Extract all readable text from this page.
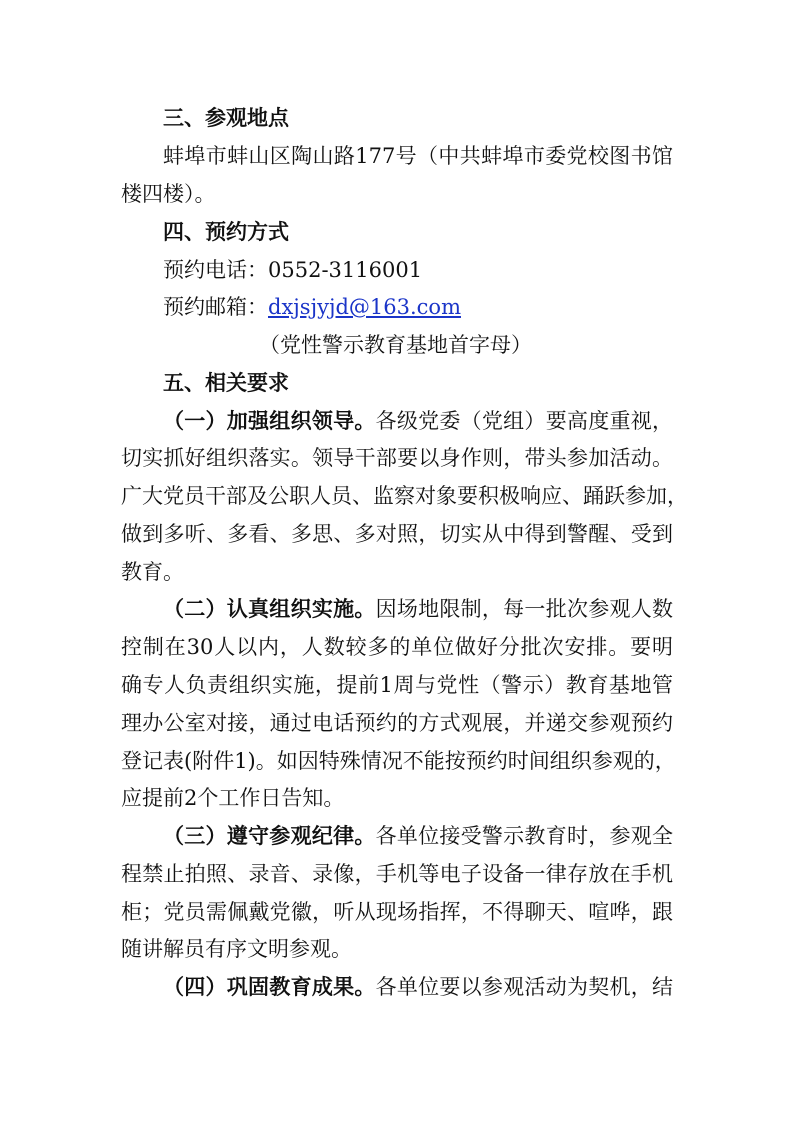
三、参观地点
蚌埠市蚌山区陶山路177号（中共蚌埠市委党校图书馆
楼四楼）。
四、预约方式
预约电话：0552-3116001
预约邮箱：dxjsjyjd@163.com
（党性警示教育基地首字母）
五、相关要求
（一）加强组织领导。各级党委（党组）要高度重视，
切实抓好组织落实。领导干部要以身作则，带头参加活动。
广大党员干部及公职人员、监察对象要积极响应、踊跃参加，
做到多听、多看、多思、多对照，切实从中得到警醒、受到
教育。
（二）认真组织实施。因场地限制，每一批次参观人数
控制在30人以内，人数较多的单位做好分批次安排。要明
确专人负责组织实施，提前1周与党性（警示）教育基地管
理办公室对接，通过电话预约的方式观展，并递交参观预约
登记表(附件1)。如因特殊情况不能按预约时间组织参观的，
应提前2个工作日告知。
（三）遵守参观纪律。各单位接受警示教育时，参观全
程禁止拍照、录音、录像，手机等电子设备一律存放在手机
柜；党员需佩戴党徽，听从现场指挥，不得聊天、喧哗，跟
随讲解员有序文明参观。
（四）巩固教育成果。各单位要以参观活动为契机，结
